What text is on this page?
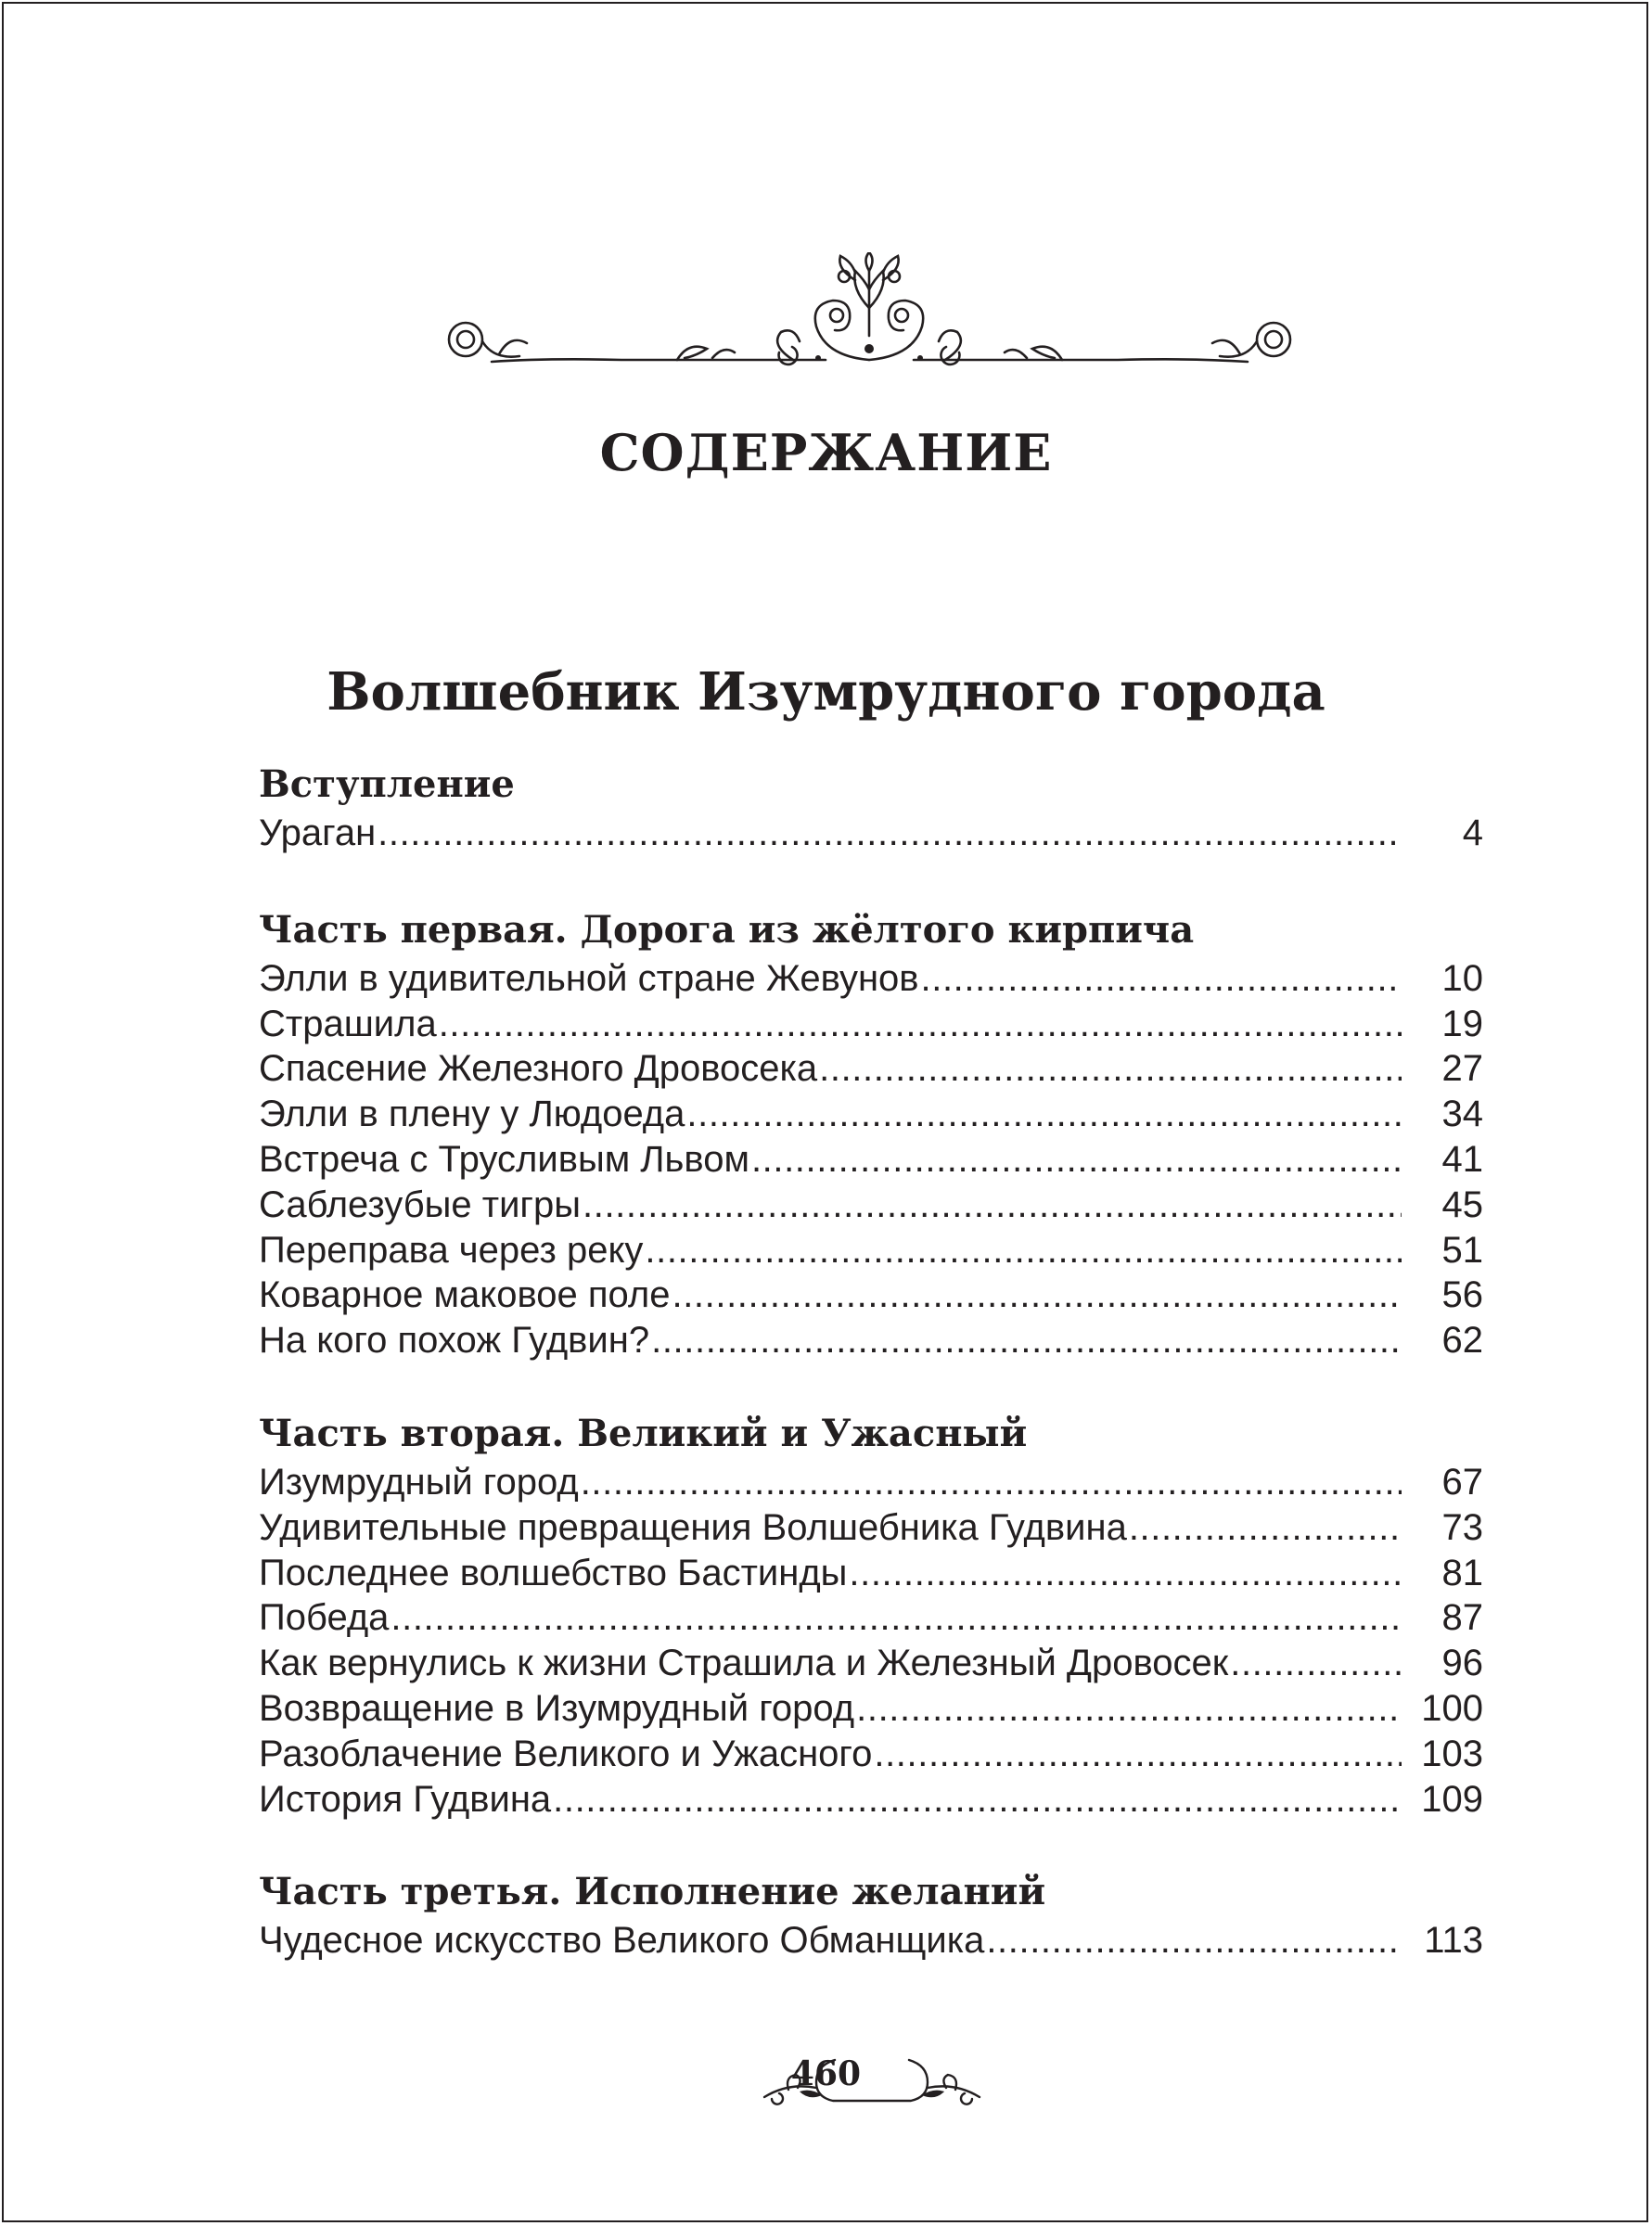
СОДЕРЖАНИЕ
Волшебник Изумрудного города
Вступление
Ураган .....	4
Часть первая. Дорога из жёлтого кирпича
Элли в удивительной стране Жевунов .....	10
Страшила .....	19
Спасение Железного Дровосека .....	27
Элли в плену у Людоеда .....	34
Встреча с Трусливым Львом .....	41
Саблезубые тигры .....	45
Переправа через реку .....	51
Коварное маковое поле .....	56
На кого похож Гудвин? .....	62
Часть вторая. Великий и Ужасный
Изумрудный город .....	67
Удивительные превращения Волшебника Гудвина .....	73
Последнее волшебство Бастинды .....	81
Победа .....	87
Как вернулись к жизни Страшила и Железный Дровосек .....	96
Возвращение в Изумрудный город .....	100
Разоблачение Великого и Ужасного .....	103
История Гудвина .....	109
Часть третья. Исполнение желаний
Чудесное искусство Великого Обманщика .....	113
460
